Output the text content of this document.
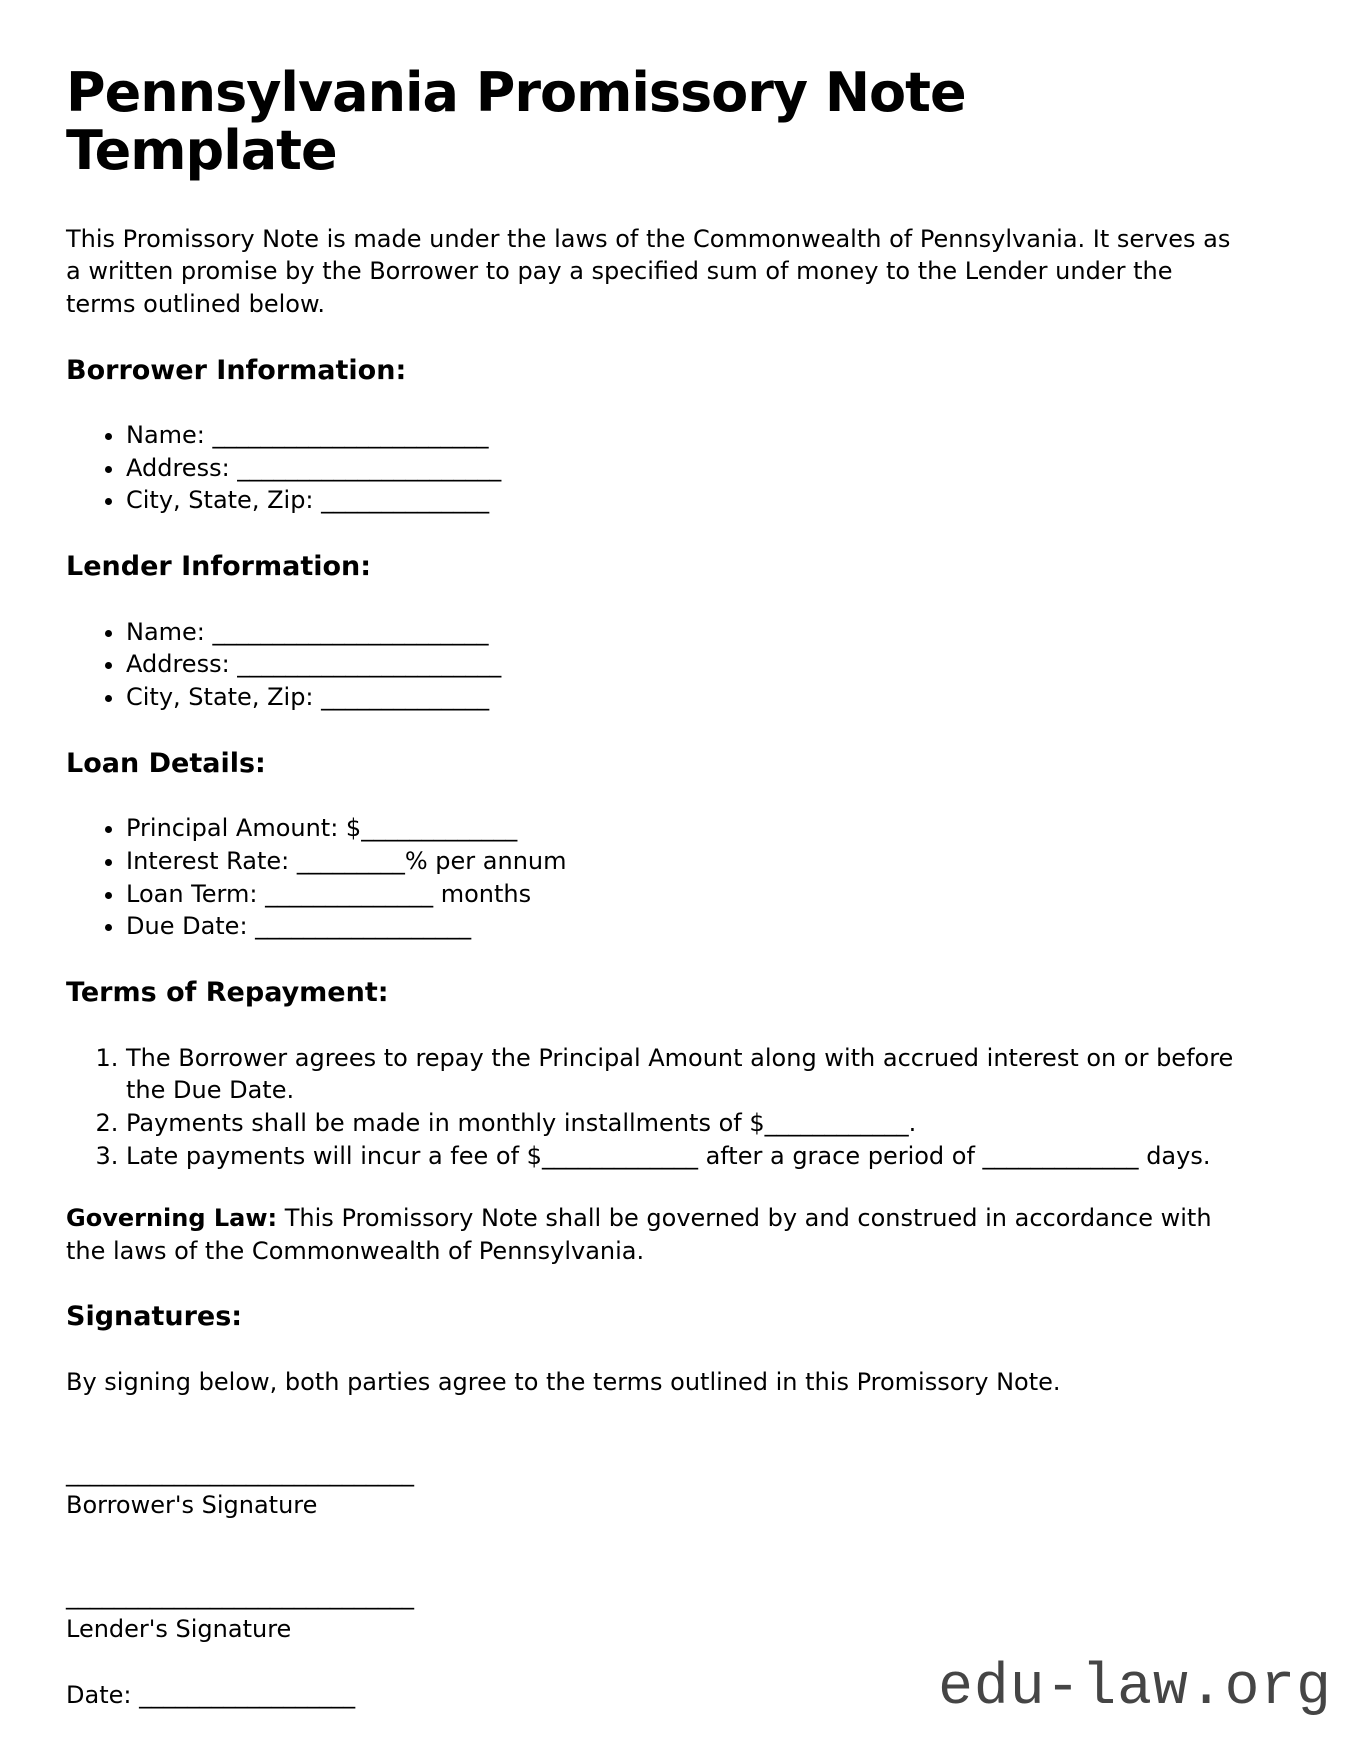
Pennsylvania Promissory Note Template

This Promissory Note is made under the laws of the Commonwealth of Pennsylvania. It serves as a written promise by the Borrower to pay a specified sum of money to the Lender under the terms outlined below.

Borrower Information:
• Name: _______________________
• Address: ______________________
• City, State, Zip: ______________
Lender Information:
• Name: _______________________
• Address: ______________________
• City, State, Zip: ______________
Loan Details:
• Principal Amount: $_____________
• Interest Rate: _________% per annum
• Loan Term: ______________ months
• Due Date: __________________
Terms of Repayment:
1. The Borrower agrees to repay the Principal Amount along with accrued interest on or before the Due Date.
2. Payments shall be made in monthly installments of $____________.
3. Late payments will incur a fee of $_____________ after a grace period of _____________ days.

Governing Law: This Promissory Note shall be governed by and construed in accordance with the laws of the Commonwealth of Pennsylvania.

Signatures:

By signing below, both parties agree to the terms outlined in this Promissory Note.

_____________________________
Borrower's Signature
_____________________________
Lender's Signature

Date: __________________	edu-law.org
